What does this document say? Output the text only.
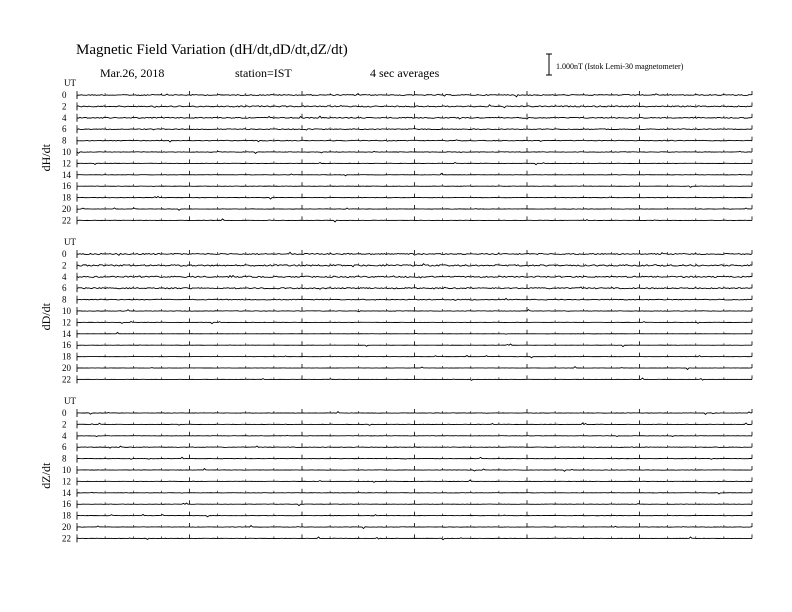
Magnetic Field Variation (dH/dt,dD/dt,dZ/dt)
Mar.26, 2018	station=IST	4 sec averages	1.000nT (Istok Lemi-30 magnetometer)
UT
dH/dt
0
2
4
6
8
10
12
14
16
18
20
22
UT
dD/dt
0
2
4
6
8
10
12
14
16
18
20
22
UT
dZ/dt
0
2
4
6
8
10
12
14
16
18
20
22
